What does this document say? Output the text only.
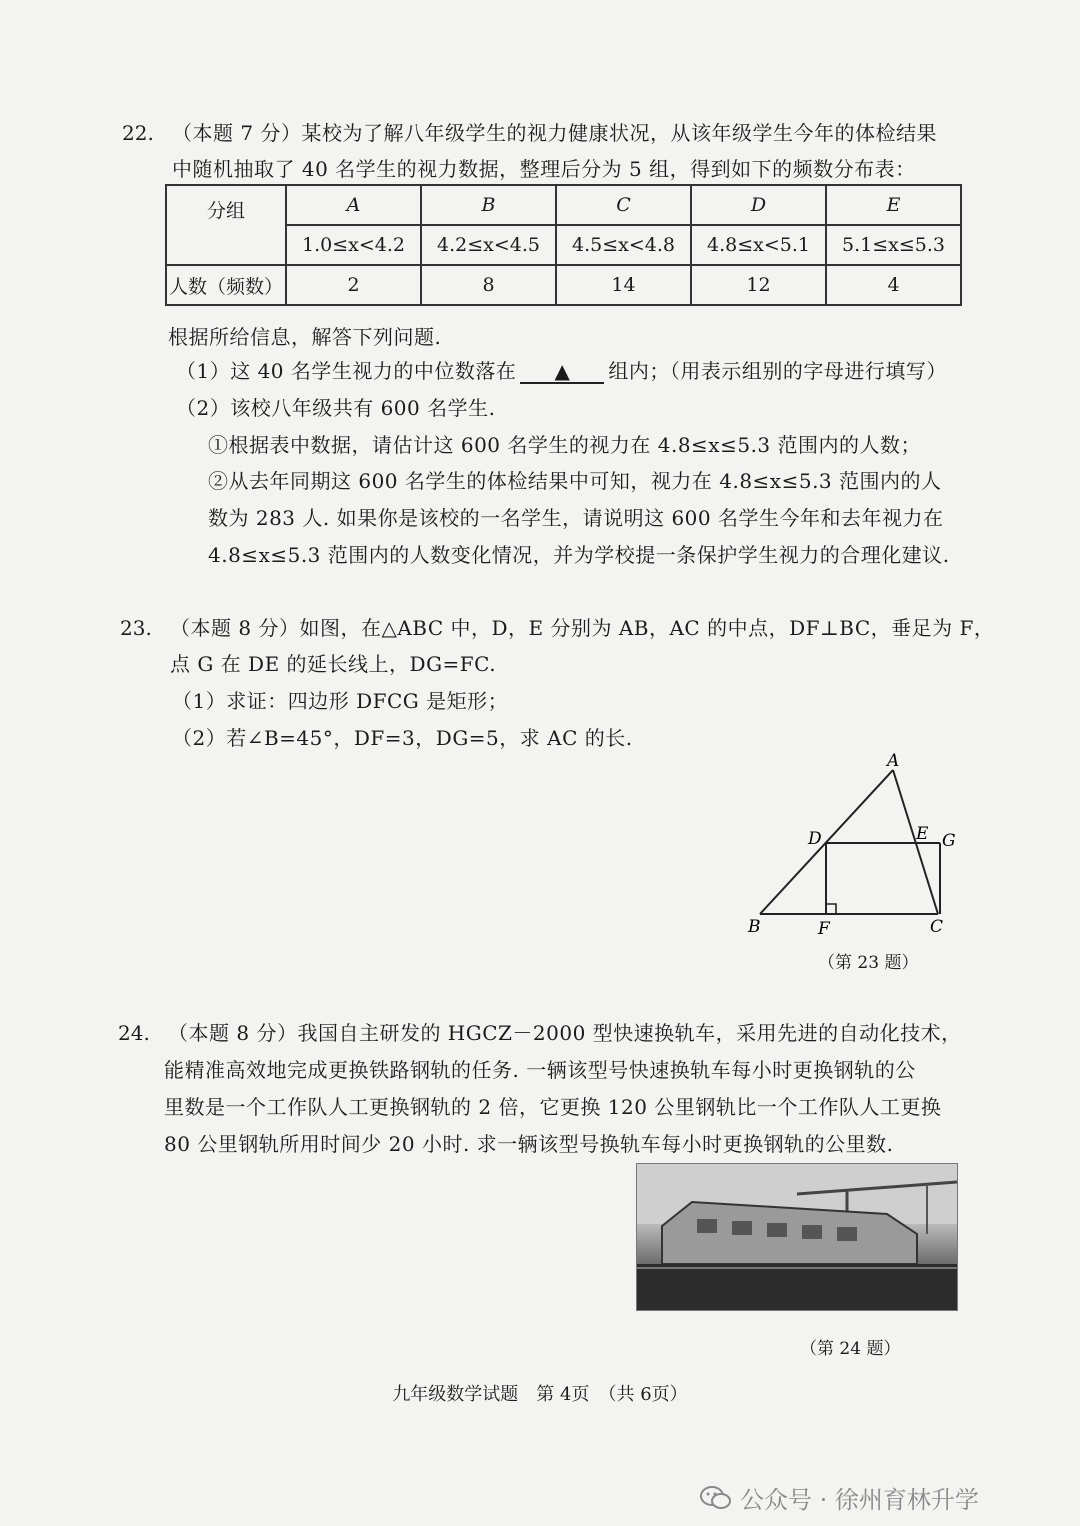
22. （本题 7 分）某校为了解八年级学生的视力健康状况，从该年级学生今年的体检结果
中随机抽取了 40 名学生的视力数据，整理后分为 5 组，得到如下的频数分布表：
分组	A	B	C	D	E
	1.0≤x<4.2	4.2≤x<4.5	4.5≤x<4.8	4.8≤x<5.1	5.1≤x≤5.3
人数（频数）	2	8	14	12	4
根据所给信息，解答下列问题.
（1）这 40 名学生视力的中位数落在 ▲ 组内；（用表示组别的字母进行填写）
（2）该校八年级共有 600 名学生.
①根据表中数据，请估计这 600 名学生的视力在 4.8≤x≤5.3 范围内的人数；
②从去年同期这 600 名学生的体检结果中可知，视力在 4.8≤x≤5.3 范围内的人
数为 283 人. 如果你是该校的一名学生，请说明这 600 名学生今年和去年视力在
4.8≤x≤5.3 范围内的人数变化情况，并为学校提一条保护学生视力的合理化建议.
23. （本题 8 分）如图，在△ABC 中，D，E 分别为 AB，AC 的中点，DF⊥BC，垂足为 F，
点 G 在 DE 的延长线上，DG=FC.
（1）求证：四边形 DFCG 是矩形；
（2）若∠B=45°，DF=3，DG=5，求 AC 的长.
A
B	C
D	E
F
G
（第 23 题）
24. （本题 8 分）我国自主研发的 HGCZ－2000 型快速换轨车，采用先进的自动化技术，
能精准高效地完成更换铁路钢轨的任务. 一辆该型号快速换轨车每小时更换钢轨的公
里数是一个工作队人工更换钢轨的 2 倍，它更换 120 公里钢轨比一个工作队人工更换
80 公里钢轨所用时间少 20 小时. 求一辆该型号换轨车每小时更换钢轨的公里数.
（第 24 题）
九年级数学试题　第 4页　（共 6页）
公众号 · 徐州育林升学
